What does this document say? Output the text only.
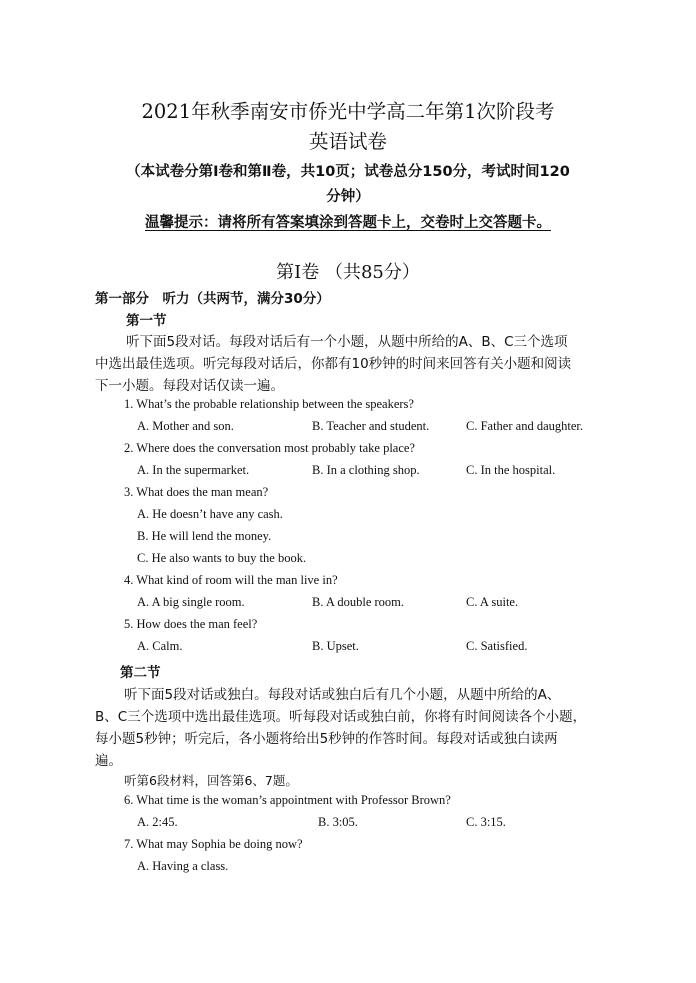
2021年秋季南安市侨光中学高二年第1次阶段考
英语试卷
（本试卷分第Ⅰ卷和第Ⅱ卷，共10页；试卷总分150分，考试时间120
分钟）
温馨提示：请将所有答案填涂到答题卡上，交卷时上交答题卡。
第Ⅰ卷 （共85分）
第一部分　听力（共两节，满分30分）
第一节
听下面5段对话。每段对话后有一个小题，从题中所给的A、B、C三个选项
中选出最佳选项。听完每段对话后，你都有10秒钟的时间来回答有关小题和阅读
下一小题。每段对话仅读一遍。
1. What’s the probable relationship between the speakers?
A. Mother and son.	B. Teacher and student.	C. Father and daughter.
2. Where does the conversation most probably take place?
A. In the supermarket.	B. In a clothing shop.	C. In the hospital.
3. What does the man mean?
A. He doesn’t have any cash.
B. He will lend the money.
C. He also wants to buy the book.
4. What kind of room will the man live in?
A. A big single room.	B. A double room.	C. A suite.
5. How does the man feel?
A. Calm.	B. Upset.	C. Satisfied.
第二节
听下面5段对话或独白。每段对话或独白后有几个小题，从题中所给的A、
B、C三个选项中选出最佳选项。听每段对话或独白前，你将有时间阅读各个小题，
每小题5秒钟；听完后，各小题将给出5秒钟的作答时间。每段对话或独白读两
遍。
听第6段材料，回答第6、7题。
6. What time is the woman’s appointment with Professor Brown?
A. 2:45.	B. 3:05.	C. 3:15.
7. What may Sophia be doing now?
A. Having a class.
